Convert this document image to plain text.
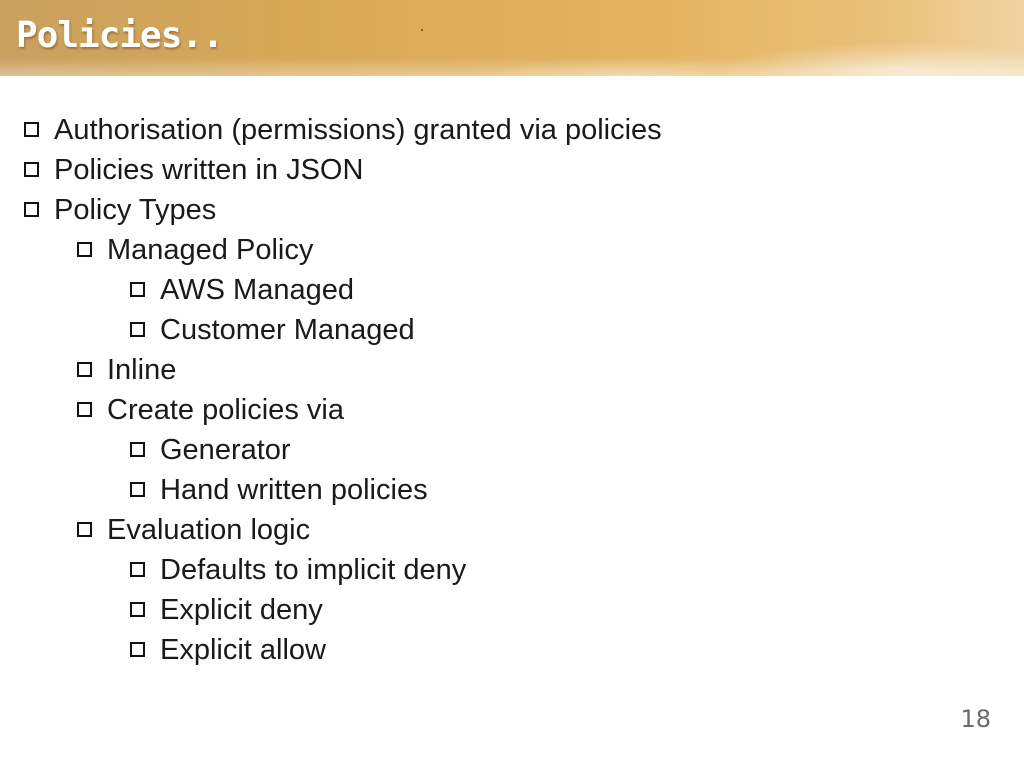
Policies..
Authorisation (permissions) granted via policies
Policies written in JSON
Policy Types
Managed Policy
AWS Managed
Customer Managed
Inline
Create policies via
Generator
Hand written policies
Evaluation logic
Defaults to implicit deny
Explicit deny
Explicit allow
18
